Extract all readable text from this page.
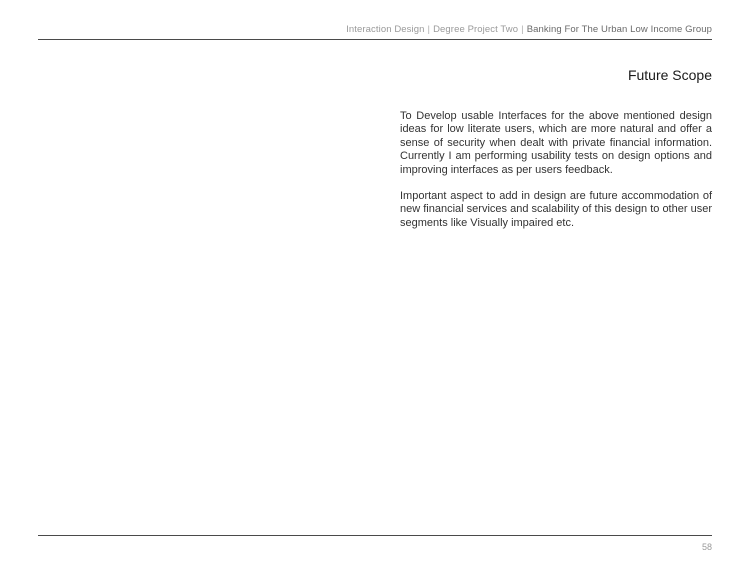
Interaction Design | Degree Project Two | Banking For The Urban Low Income Group
Future Scope

To Develop usable Interfaces for the above mentioned design ideas for low literate users, which are more natural and offer a sense of security when dealt with private financial information. Currently I am performing usability tests on design options and improving interfaces as per users feedback.

Important aspect to add in design are future accommodation of new financial services and scalability of this design to other user segments like Visually impaired etc.

58
